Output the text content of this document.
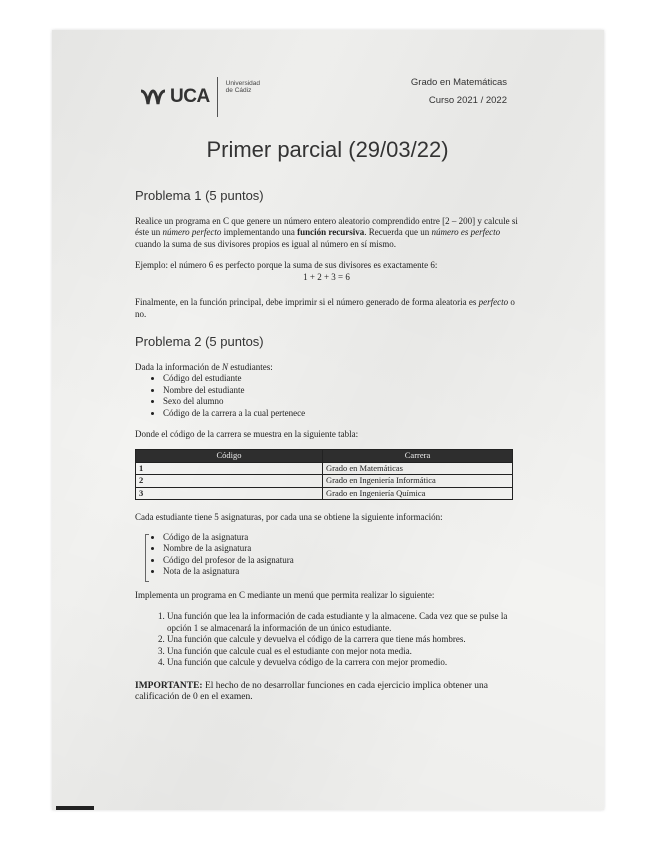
UCA
Universidad
de Cádiz
Grado en Matemáticas
Curso 2021 / 2022
Primer parcial (29/03/22)
Problema 1 (5 puntos)

Realice un programa en C que genere un número entero aleatorio comprendido entre [2 – 200] y calcule si éste un número perfecto implementando una función recursiva. Recuerda que un número es perfecto cuando la suma de sus divisores propios es igual al número en sí mismo.

Ejemplo: el número 6 es perfecto porque la suma de sus divisores es exactamente 6:

1 + 2 + 3 = 6

Finalmente, en la función principal, debe imprimir si el número generado de forma aleatoria es perfecto o no.

Problema 2 (5 puntos)

Dada la información de N estudiantes:

• Código del estudiante
• Nombre del estudiante
• Sexo del alumno
• Código de la carrera a la cual pertenece

Donde el código de la carrera se muestra en la siguiente tabla:

Código	Carrera
1	Grado en Matemáticas
2	Grado en Ingeniería Informática
3	Grado en Ingeniería Química

Cada estudiante tiene 5 asignaturas, por cada una se obtiene la siguiente información:

• Código de la asignatura
• Nombre de la asignatura
• Código del profesor de la asignatura
• Nota de la asignatura

Implementa un programa en C mediante un menú que permita realizar lo siguiente:

1. Una función que lea la información de cada estudiante y la almacene. Cada vez que se pulse la opción 1 se almacenará la información de un único estudiante.
2. Una función que calcule y devuelva el código de la carrera que tiene más hombres.
3. Una función que calcule cual es el estudiante con mejor nota media.
4. Una función que calcule y devuelva código de la carrera con mejor promedio.

IMPORTANTE: El hecho de no desarrollar funciones en cada ejercicio implica obtener una calificación de 0 en el examen.
